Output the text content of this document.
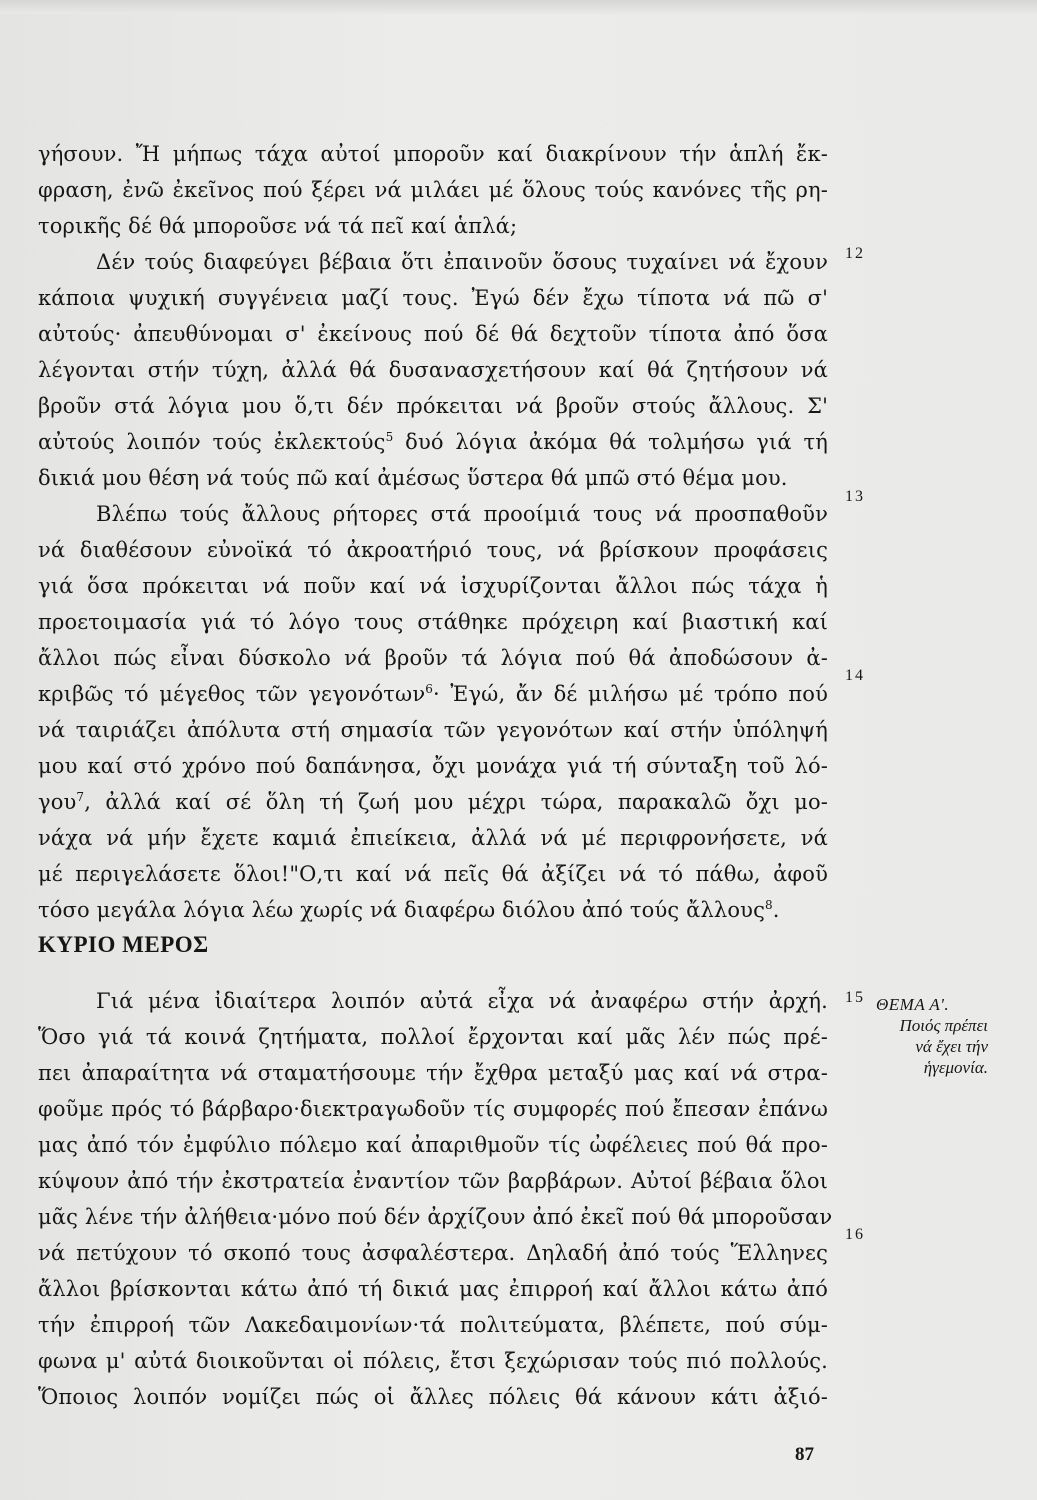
γήσουν. Ἤ μήπως τάχα αὐτοί μποροῦν καί διακρίνουν τήν ἁπλή ἔκ-
φραση, ἐνῶ ἐκεῖνος πού ξέρει νά μιλάει μέ ὅλους τούς κανόνες τῆς ρη-
τορικῆς δέ θά μποροῦσε νά τά πεῖ καί ἁπλά;
Δέν τούς διαφεύγει βέβαια ὅτι ἐπαινοῦν ὅσους τυχαίνει νά ἔχουν
κάποια ψυχική συγγένεια μαζί τους. Ἐγώ δέν ἔχω τίποτα νά πῶ σ'
αὐτούς· ἀπευθύνομαι σ' ἐκείνους πού δέ θά δεχτοῦν τίποτα ἀπό ὅσα
λέγονται στήν τύχη, ἀλλά θά δυσανασχετήσουν καί θά ζητήσουν νά
βροῦν στά λόγια μου ὅ,τι δέν πρόκειται νά βροῦν στούς ἄλλους. Σ'
αὐτούς λοιπόν τούς ἐκλεκτούς$^5$ δυό λόγια ἀκόμα θά τολμήσω γιά τή
δικιά μου θέση νά τούς πῶ καί ἀμέσως ὕστερα θά μπῶ στό θέμα μου.
Βλέπω τούς ἄλλους ρήτορες στά προοίμιά τους νά προσπαθοῦν
νά διαθέσουν εὐνοϊκά τό ἀκροατήριό τους, νά βρίσκουν προφάσεις
γιά ὅσα πρόκειται νά ποῦν καί νά ἰσχυρίζονται ἄλλοι πώς τάχα ἡ
προετοιμασία γιά τό λόγο τους στάθηκε πρόχειρη καί βιαστική καί
ἄλλοι πώς εἶναι δύσκολο νά βροῦν τά λόγια πού θά ἀποδώσουν ἀ-
κριβῶς τό μέγεθος τῶν γεγονότων$^6$· Ἐγώ, ἄν δέ μιλήσω μέ τρόπο πού
νά ταιριάζει ἀπόλυτα στή σημασία τῶν γεγονότων καί στήν ὑπόληψή
μου καί στό χρόνο πού δαπάνησα, ὄχι μονάχα γιά τή σύνταξη τοῦ λό-
γου$^7$, ἀλλά καί σέ ὅλη τή ζωή μου μέχρι τώρα, παρακαλῶ ὄχι μο-
νάχα νά μήν ἔχετε καμιά ἐπιείκεια, ἀλλά νά μέ περιφρονήσετε, νά
μέ περιγελάσετε ὅλοι!"Ο,τι καί νά πεῖς θά ἀξίζει νά τό πάθω, ἀφοῦ
τόσο μεγάλα λόγια λέω χωρίς νά διαφέρω διόλου ἀπό τούς ἄλλους$^8$.
ΚΥΡΙΟ ΜΕΡΟΣ
Γιά μένα ἰδιαίτερα λοιπόν αὐτά εἶχα νά ἀναφέρω στήν ἀρχή.
Ὅσο γιά τά κοινά ζητήματα, πολλοί ἔρχονται καί μᾶς λέν πώς πρέ-
πει ἀπαραίτητα νά σταματήσουμε τήν ἔχθρα μεταξύ μας καί νά στρα-
φοῦμε πρός τό βάρβαρο·διεκτραγωδοῦν τίς συμφορές πού ἔπεσαν ἐπάνω
μας ἀπό τόν ἐμφύλιο πόλεμο καί ἀπαριθμοῦν τίς ὠφέλειες πού θά προ-
κύψουν ἀπό τήν ἐκστρατεία ἐναντίον τῶν βαρβάρων. Αὐτοί βέβαια ὅλοι
μᾶς λένε τήν ἀλήθεια·μόνο πού δέν ἀρχίζουν ἀπό ἐκεῖ πού θά μποροῦσαν
νά πετύχουν τό σκοπό τους ἀσφαλέστερα. Δηλαδή ἀπό τούς Ἕλληνες
ἄλλοι βρίσκονται κάτω ἀπό τή δικιά μας ἐπιρροή καί ἄλλοι κάτω ἀπό
τήν ἐπιρροή τῶν Λακεδαιμονίων·τά πολιτεύματα, βλέπετε, πού σύμ-
φωνα μ' αὐτά διοικοῦνται οἱ πόλεις, ἔτσι ξεχώρισαν τούς πιό πολλούς.
Ὅποιος λοιπόν νομίζει πώς οἱ ἄλλες πόλεις θά κάνουν κάτι ἀξιό-
12
13
14
15
16
ΘΕΜΑ Α'.
Ποιός πρέπει
νά ἔχει τήν
ἡγεμονία.
87
